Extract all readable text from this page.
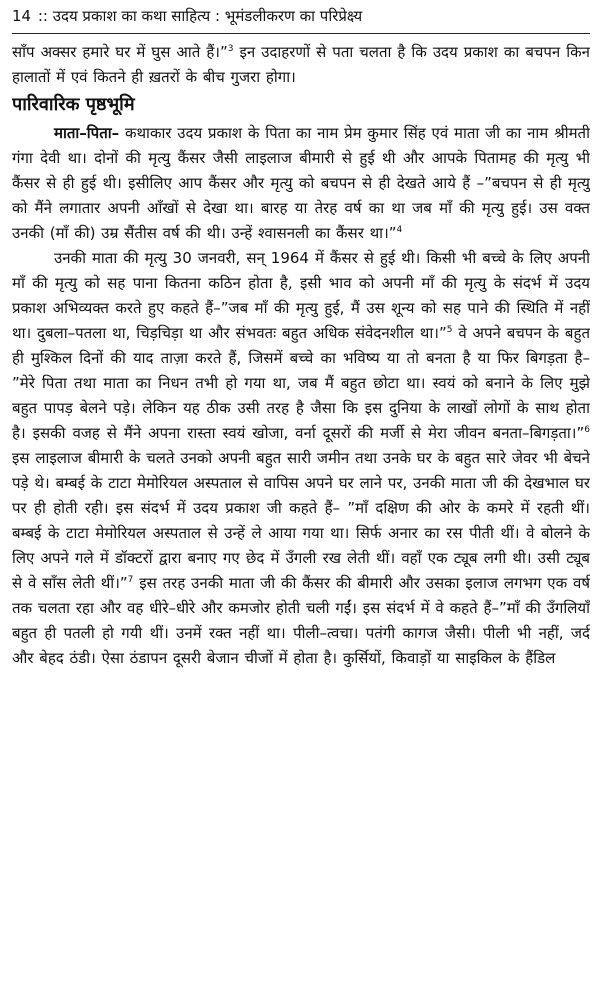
14 :: उदय प्रकाश का कथा साहित्य : भूमंडलीकरण का परिप्रेक्ष्य

साँप अक्सर हमारे घर में घुस आते हैं।”$^3$ इन उदाहरणों से पता चलता है कि उदय प्रकाश का बचपन किन हालातों में एवं कितने ही ख़तरों के बीच गुजरा होगा।

पारिवारिक पृष्ठभूमि

माता–पिता– कथाकार उदय प्रकाश के पिता का नाम प्रेम कुमार सिंह एवं माता जी का नाम श्रीमती गंगा देवी था। दोनों की मृत्यु कैंसर जैसी लाइलाज बीमारी से हुई थी और आपके पितामह की मृत्यु भी कैंसर से ही हुई थी। इसीलिए आप कैंसर और मृत्यु को बचपन से ही देखते आये हैं –”बचपन से ही मृत्यु को मैंने लगातार अपनी आँखों से देखा था। बारह या तेरह वर्ष का था जब माँ की मृत्यु हुई। उस वक्त उनकी (माँ की) उम्र सैंतीस वर्ष की थी। उन्हें श्वासनली का कैंसर था।”$^4$

उनकी माता की मृत्यु 30 जनवरी, सन् 1964 में कैंसर से हुई थी। किसी भी बच्चे के लिए अपनी माँ की मृत्यु को सह पाना कितना कठिन होता है, इसी भाव को अपनी माँ की मृत्यु के संदर्भ में उदय प्रकाश अभिव्यक्त करते हुए कहते हैं–”जब माँ की मृत्यु हुई, मैं उस शून्य को सह पाने की स्थिति में नहीं था। दुबला–पतला था, चिड़चिड़ा था और संभवतः बहुत अधिक संवेदनशील था।”$^5$ वे अपने बचपन के बहुत ही मुश्किल दिनों की याद ताज़ा करते हैं, जिसमें बच्चे का भविष्य या तो बनता है या फिर बिगड़ता है– ”मेरे पिता तथा माता का निधन तभी हो गया था, जब मैं बहुत छोटा था। स्वयं को बनाने के लिए मुझे बहुत पापड़ बेलने पड़े। लेकिन यह ठीक उसी तरह है जैसा कि इस दुनिया के लाखों लोगों के साथ होता है। इसकी वजह से मैंने अपना रास्ता स्वयं खोजा, वर्ना दूसरों की मर्जी से मेरा जीवन बनता–बिगड़ता।”$^6$ इस लाइलाज बीमारी के चलते उनको अपनी बहुत सारी जमीन तथा उनके घर के बहुत सारे जेवर भी बेचने पड़े थे। बम्बई के टाटा मेमोरियल अस्पताल से वापिस अपने घर लाने पर, उनकी माता जी की देखभाल घर पर ही होती रही। इस संदर्भ में उदय प्रकाश जी कहते हैं– ”माँ दक्षिण की ओर के कमरे में रहती थीं। बम्बई के टाटा मेमोरियल अस्पताल से उन्हें ले आया गया था। सिर्फ अनार का रस पीती थीं। वे बोलने के लिए अपने गले में डॉक्टरों द्वारा बनाए गए छेद में उँगली रख लेती थीं। वहाँ एक ट्यूब लगी थी। उसी ट्यूब से वे साँस लेती थीं।”$^7$ इस तरह उनकी माता जी की कैंसर की बीमारी और उसका इलाज लगभग एक वर्ष तक चलता रहा और वह धीरे–धीरे और कमजोर होती चली गईं। इस संदर्भ में वे कहते हैं–”माँ की उँगलियाँ बहुत ही पतली हो गयी थीं। उनमें रक्त नहीं था। पीली–त्वचा। पतंगी कागज जैसी। पीली भी नहीं, जर्द और बेहद ठंडी। ऐसा ठंडापन दूसरी बेजान चीजों में होता है। कुर्सियों, किवाड़ों या साइकिल के हैंडिल
